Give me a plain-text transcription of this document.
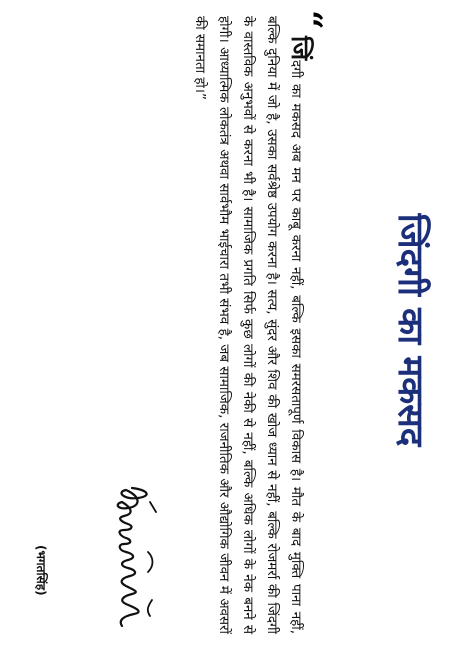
जिंदगी का मकसद
“
जिंदगी का मकसद अब मन पर काबू करना नहीं, बल्कि इसका समरसतापूर्ण विकास है। मौत के बाद मुक्ति पाना नहीं, बल्कि दुनिया में जो है, उसका सर्वश्रेष्ठ उपयोग करना है। सत्य, सुंदर और शिव की खोज ध्यान से नहीं, बल्कि रोजमर्रा की जिंदगी के वास्तविक अनुभवों से करना भी है। सामाजिक प्रगति सिर्फ कुछ लोगों की नेकी से नहीं, बल्कि अधिक लोगों के नेक बनने से होगी। आध्यात्मिक लोकतंत्र अथवा सार्वभौम भाईचारा तभी संभव है, जब सामाजिक, राजनीतिक और औद्योगिक जीवन में अवसरों की समानता हो।”
(भगतसिंह)
